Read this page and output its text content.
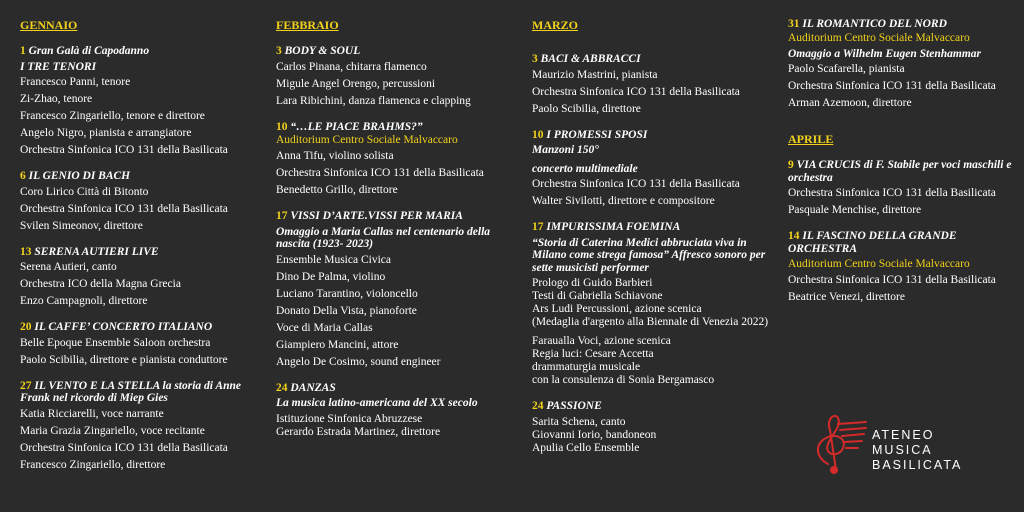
GENNAIO
1 Gran Galà di Capodanno
I TRE TENORI
Francesco Panni, tenore
Zi-Zhao, tenore
Francesco Zingariello, tenore e direttore
Angelo Nigro, pianista e arrangiatore
Orchestra Sinfonica ICO 131 della Basilicata
6 IL GENIO DI BACH
Coro Lirico Città di Bitonto
Orchestra Sinfonica ICO 131 della Basilicata
Svilen Simeonov, direttore
13 SERENA AUTIERI LIVE
Serena Autieri, canto
Orchestra ICO della Magna Grecia
Enzo Campagnoli, direttore
20 IL CAFFE’ CONCERTO ITALIANO
Belle Epoque Ensemble Saloon orchestra
Paolo Scibilia, direttore e pianista conduttore
27 IL VENTO E LA STELLA la storia di Anne Frank nel ricordo di Miep Gies
Katia Ricciarelli, voce narrante
Maria Grazia Zingariello, voce recitante
Orchestra Sinfonica ICO 131 della Basilicata
Francesco Zingariello, direttore
FEBBRAIO
3 BODY & SOUL
Carlos Pinana, chitarra flamenco
Migule Angel Orengo, percussioni
Lara Ribichini, danza flamenca e clapping
10 “…LE PIACE BRAHMS?”
Auditorium Centro Sociale Malvaccaro
Anna Tifu, violino solista
Orchestra Sinfonica ICO 131 della Basilicata
Benedetto Grillo, direttore
17 VISSI D’ARTE.VISSI PER MARIA
Omaggio a Maria Callas nel centenario della nascita (1923- 2023)
Ensemble Musica Civica
Dino De Palma, violino
Luciano Tarantino, violoncello
Donato Della Vista, pianoforte
Voce di Maria Callas
Giampiero Mancini, attore
Angelo De Cosimo, sound engineer
24 DANZAS
La musica latino-americana del XX secolo
Istituzione Sinfonica Abruzzese
Gerardo Estrada Martinez, direttore
MARZO
3 BACI & ABBRACCI
Maurizio Mastrini, pianista
Orchestra Sinfonica ICO 131 della Basilicata
Paolo Scibilia, direttore
10 I PROMESSI SPOSI
Manzoni 150°
concerto multimediale
Orchestra Sinfonica ICO 131 della Basilicata
Walter Sivilotti, direttore e compositore
17 IMPURISSIMA FOEMINA
“Storia di Caterina Medici abbruciata viva in Milano come strega famosa” Affresco sonoro per sette musicisti performer
Prologo di Guido Barbieri
Testi di Gabriella Schiavone
Ars Ludi Percussioni, azione scenica
(Medaglia d'argento alla Biennale di Venezia 2022)
Faraualla Voci, azione scenica
Regia luci: Cesare Accetta
drammaturgia musicale
con la consulenza di Sonia Bergamasco
24 PASSIONE
Sarita Schena, canto
Giovanni Iorio, bandoneon
Apulia Cello Ensemble
31 IL ROMANTICO DEL NORD
Auditorium Centro Sociale Malvaccaro
Omaggio a Wilhelm Eugen Stenhammar
Paolo Scafarella, pianista
Orchestra Sinfonica ICO 131 della Basilicata
Arman Azemoon, direttore
APRILE
9 VIA CRUCIS di F. Stabile per voci maschili e orchestra
Orchestra Sinfonica ICO 131 della Basilicata
Pasquale Menchise, direttore
14 IL FASCINO DELLA GRANDE ORCHESTRA
Auditorium Centro Sociale Malvaccaro
Orchestra Sinfonica ICO 131 della Basilicata
Beatrice Venezi, direttore
ATENEO
MUSICA
BASILICATA
